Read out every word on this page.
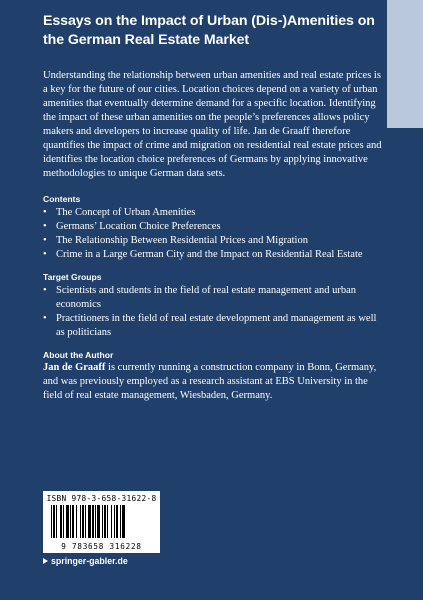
Essays on the Impact of Urban (Dis-)Amenities on the German Real Estate Market

Understanding the relationship between urban amenities and real estate prices is a key for the future of our cities. Location choices depend on a variety of urban amenities that eventually determine demand for a specific location. Identifying the impact of these urban amenities on the people’s preferences allows policy makers and developers to increase quality of life. Jan de Graaff therefore quantifies the impact of crime and migration on residential real estate prices and identifies the location choice preferences of Germans by applying innovative methodologies to unique German data sets.

Contents
• The Concept of Urban Amenities
• Germans’ Location Choice Preferences
• The Relationship Between Residential Prices and Migration
• Crime in a Large German City and the Impact on Residential Real Estate
Target Groups
• Scientists and students in the field of real estate management and urban economics
• Practitioners in the field of real estate development and management as well as politicians
About the Author

Jan de Graaff is currently running a construction company in Bonn, Germany, and was previously employed as a research assistant at EBS University in the field of real estate management, Wiesbaden, Germany.

ISBN 978-3-658-31622-8
9 783658 316228
springer-gabler.de
